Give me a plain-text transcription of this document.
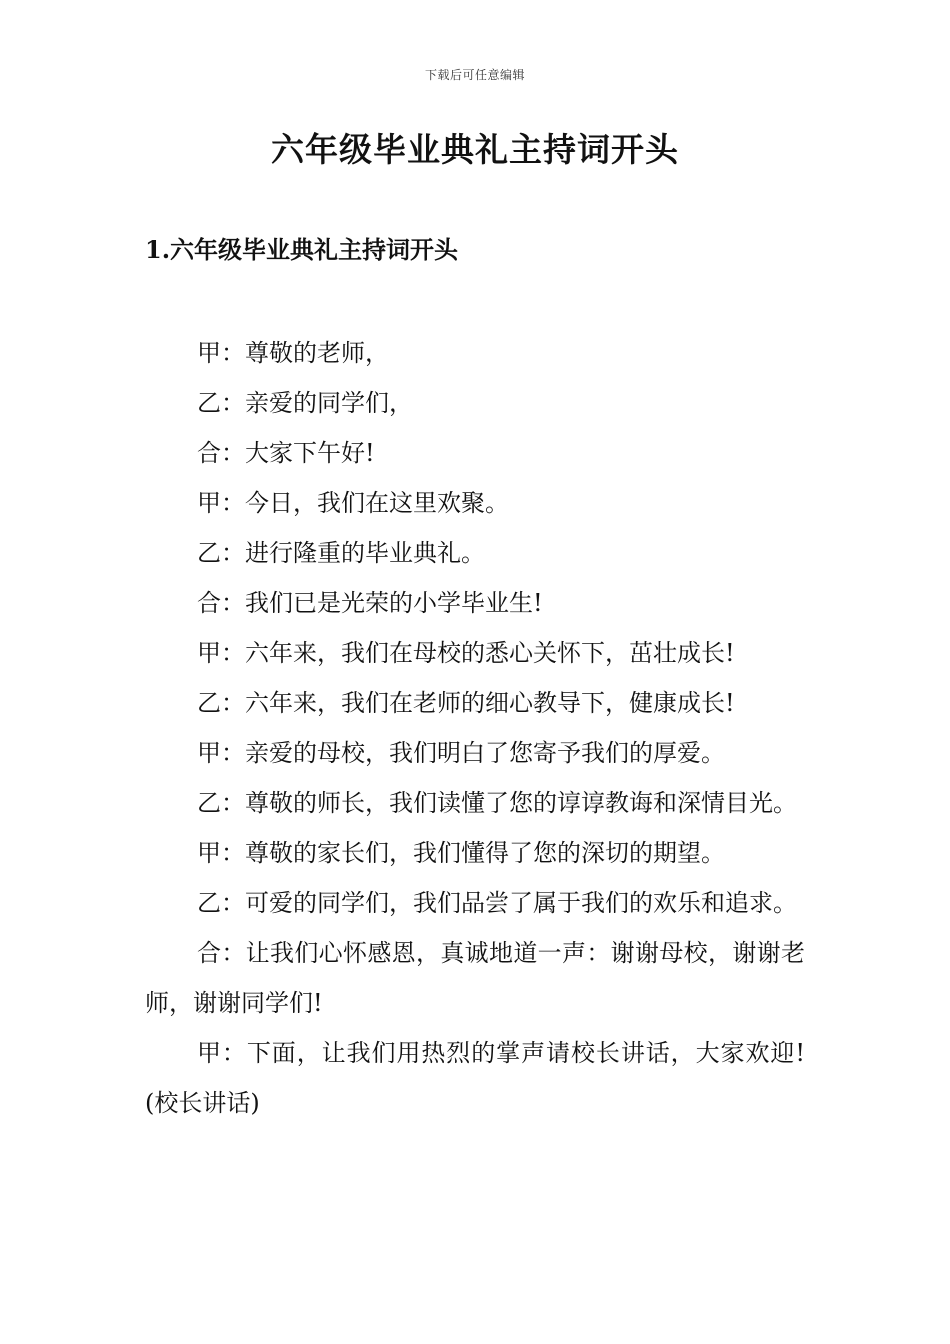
下载后可任意编辑
六年级毕业典礼主持词开头
1.六年级毕业典礼主持词开头

甲：尊敬的老师，

乙：亲爱的同学们，

合：大家下午好!

甲：今日，我们在这里欢聚。

乙：进行隆重的毕业典礼。

合：我们已是光荣的小学毕业生!

甲：六年来，我们在母校的悉心关怀下，茁壮成长!

乙：六年来，我们在老师的细心教导下，健康成长!

甲：亲爱的母校，我们明白了您寄予我们的厚爱。

乙：尊敬的师长，我们读懂了您的谆谆教诲和深情目光。

甲：尊敬的家长们，我们懂得了您的深切的期望。

乙：可爱的同学们，我们品尝了属于我们的欢乐和追求。

合：让我们心怀感恩，真诚地道一声：谢谢母校，谢谢老师，谢谢同学们!

甲：下面，让我们用热烈的掌声请校长讲话，大家欢迎!(校长讲话)
